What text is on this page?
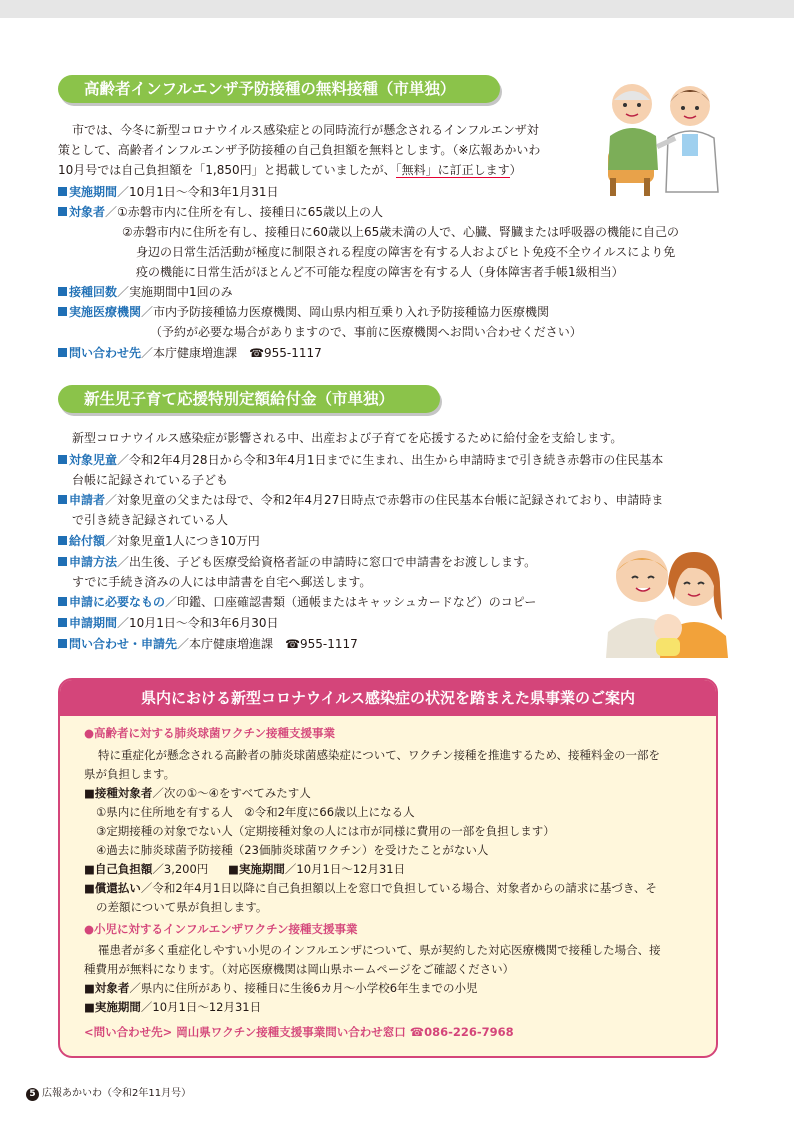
高齢者インフルエンザ予防接種の無料接種（市単独）
市では、今冬に新型コロナウイルス感染症との同時流行が懸念されるインフルエンザ対
策として、高齢者インフルエンザ予防接種の自己負担額を無料とします。（※広報あかいわ
10月号では自己負担額を「1,850円」と掲載していましたが、「無料」に訂正します）
実施期間／10月1日～令和3年1月31日
対象者／①赤磐市内に住所を有し、接種日に65歳以上の人
②赤磐市内に住所を有し、接種日に60歳以上65歳未満の人で、心臓、腎臓または呼吸器の機能に自己の
身辺の日常生活活動が極度に制限される程度の障害を有する人およびヒト免疫不全ウイルスにより免
疫の機能に日常生活がほとんど不可能な程度の障害を有する人（身体障害者手帳1級相当）
接種回数／実施期間中1回のみ
実施医療機関／市内予防接種協力医療機関、岡山県内相互乗り入れ予防接種協力医療機関
（予約が必要な場合がありますので、事前に医療機関へお問い合わせください）
問い合わせ先／本庁健康増進課　 ☎955-1117
新生児子育て応援特別定額給付金（市単独）
新型コロナウイルス感染症が影響される中、出産および子育てを応援するために給付金を支給します。
対象児童／令和2年4月28日から令和3年4月1日までに生まれ、出生から申請時まで引き続き赤磐市の住民基本
台帳に記録されている子ども
申請者／対象児童の父または母で、令和2年4月27日時点で赤磐市の住民基本台帳に記録されており、申請時ま
で引き続き記録されている人
給付額／対象児童1人につき10万円
申請方法／出生後、子ども医療受給資格者証の申請時に窓口で申請書をお渡しします。
すでに手続き済みの人には申請書を自宅へ郵送します。
申請に必要なもの／印鑑、口座確認書類（通帳またはキャッシュカードなど）のコピー
申請期間／10月1日～令和3年6月30日
問い合わせ・申請先／本庁健康増進課　 ☎955-1117
県内における新型コロナウイルス感染症の状況を踏まえた県事業のご案内
●高齢者に対する肺炎球菌ワクチン接種支援事業
特に重症化が懸念される高齢者の肺炎球菌感染症について、ワクチン接種を推進するため、接種料金の一部を
県が負担します。
■接種対象者／次の①～④をすべてみたす人
①県内に住所地を有する人　②令和2年度に66歳以上になる人
③定期接種の対象でない人（定期接種対象の人には市が同様に費用の一部を負担します）
④過去に肺炎球菌予防接種（23価肺炎球菌ワクチン）を受けたことがない人
■自己負担額／3,200円 ■実施期間／10月1日～12月31日
■償還払い／令和2年4月1日以降に自己負担額以上を窓口で負担している場合、対象者からの請求に基づき、そ
の差額について県が負担します。
●小児に対するインフルエンザワクチン接種支援事業
罹患者が多く重症化しやすい小児のインフルエンザについて、県が契約した対応医療機関で接種した場合、接
種費用が無料になります。（対応医療機関は岡山県ホームページをご確認ください）
■対象者／県内に住所があり、接種日に生後6カ月～小学校6年生までの小児
■実施期間／10月1日～12月31日
<問い合わせ先> 岡山県ワクチン接種支援事業問い合わせ窓口 ☎086-226-7968
5 広報あかいわ（令和2年11月号）
